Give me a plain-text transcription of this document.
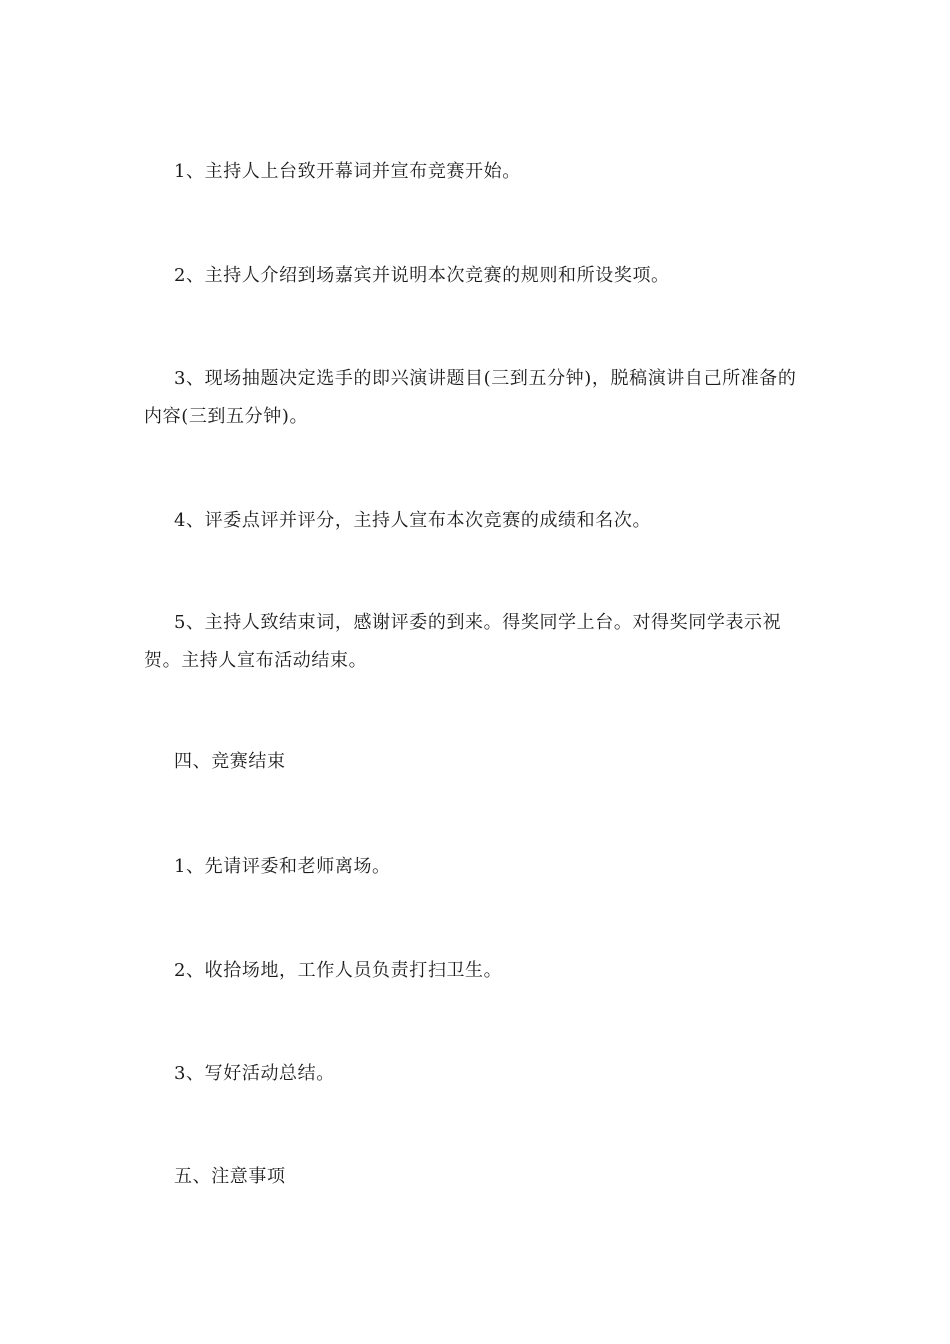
1、主持人上台致开幕词并宣布竞赛开始。

2、主持人介绍到场嘉宾并说明本次竞赛的规则和所设奖项。

3、现场抽题决定选手的即兴演讲题目(三到五分钟)，脱稿演讲自己所准备的内容(三到五分钟)。

4、评委点评并评分，主持人宣布本次竞赛的成绩和名次。

5、主持人致结束词，感谢评委的到来。得奖同学上台。对得奖同学表示祝贺。主持人宣布活动结束。

四、竞赛结束

1、先请评委和老师离场。

2、收拾场地，工作人员负责打扫卫生。

3、写好活动总结。

五、注意事项
